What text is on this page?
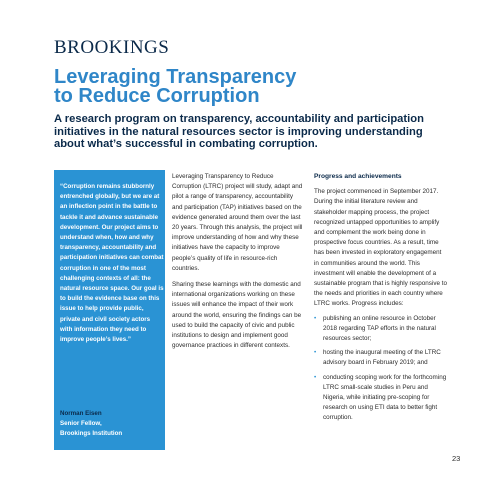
BROOKINGS
Leveraging Transparency
to Reduce Corruption
A research program on transparency, accountability and participation initiatives in the natural resources sector is improving understanding about what’s successful in combating corruption.
“Corruption remains stubbornly entrenched globally, but we are at an inflection point in the battle to tackle it and advance sustainable development. Our project aims to understand when, how and why transparency, accountability and participation initiatives can combat corruption in one of the most challenging contexts of all: the natural resource space. Our goal is to build the evidence base on this issue to help provide public, private and civil society actors with information they need to improve people’s lives.”
Norman Eisen
Senior Fellow,
Brookings Institution

Leveraging Transparency to Reduce Corruption (LTRC) project will study, adapt and pilot a range of transparency, accountability and participation (TAP) initiatives based on the evidence generated around them over the last 20 years. Through this analysis, the project will improve understanding of how and why these initiatives have the capacity to improve people’s quality of life in resource-rich countries.

Sharing these learnings with the domestic and international organizations working on these issues will enhance the impact of their work around the world, ensuring the findings can be used to build the capacity of civic and public institutions to design and implement good governance practices in different contexts.

Progress and achievements

The project commenced in September 2017. During the initial literature review and stakeholder mapping process, the project recognized untapped opportunities to amplify and complement the work being done in prospective focus countries. As a result, time has been invested in exploratory engagement in communities around the world. This investment will enable the development of a sustainable program that is highly responsive to the needs and priorities in each country where LTRC works. Progress includes:

• publishing an online resource in October 2018 regarding TAP efforts in the natural resources sector;
• hosting the inaugural meeting of the LTRC advisory board in February 2019; and
• conducting scoping work for the forthcoming LTRC small-scale studies in Peru and Nigeria, while initiating pre-scoping for research on using ETI data to better fight corruption.
23
